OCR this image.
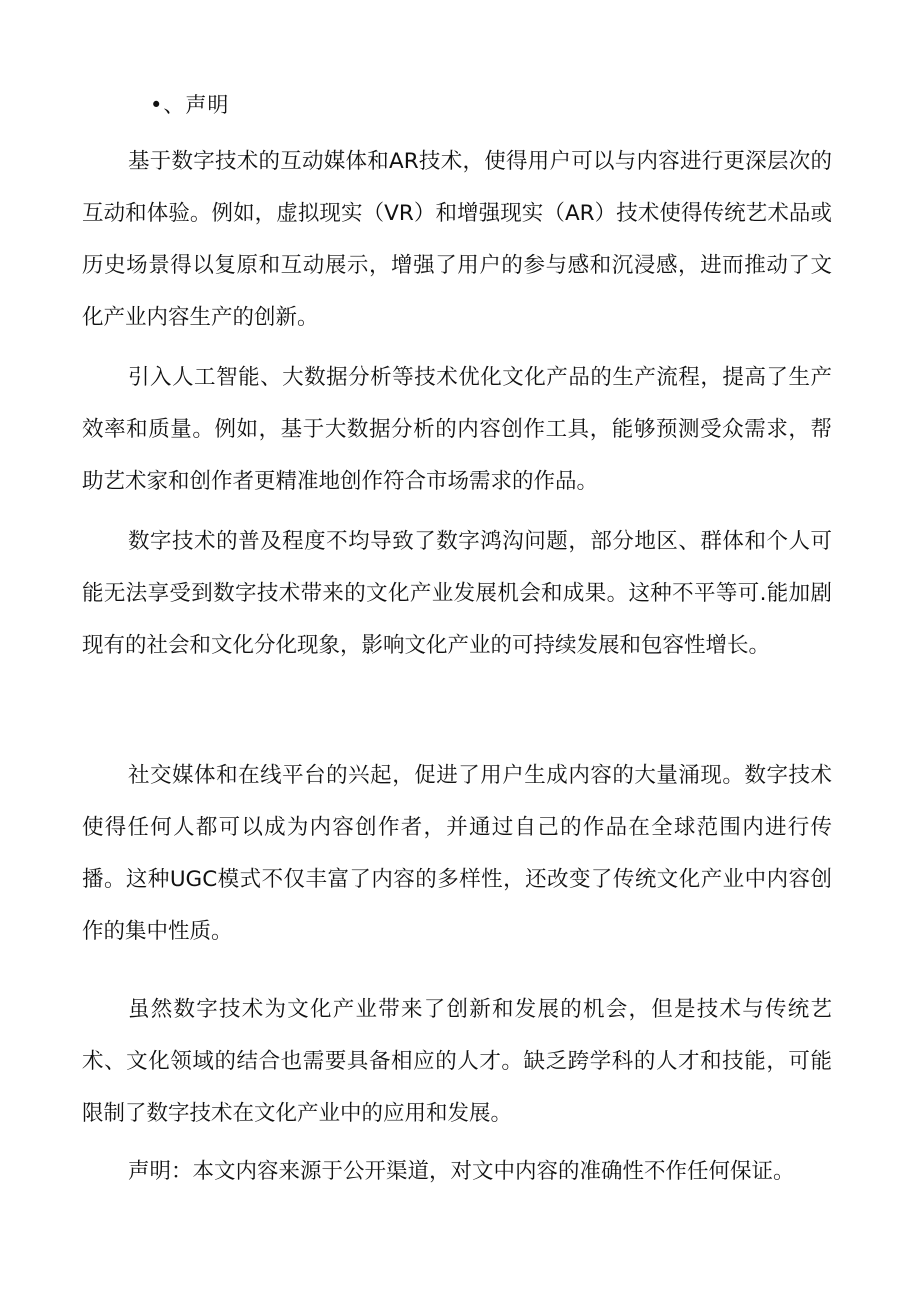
•、声明

基于数字技术的互动媒体和AR技术，使得用户可以与内容进行更深层次的互动和体验。例如，虚拟现实（VR）和增强现实（AR）技术使得传统艺术品或历史场景得以复原和互动展示，增强了用户的参与感和沉浸感，进而推动了文化产业内容生产的创新。

引入人工智能、大数据分析等技术优化文化产品的生产流程，提高了生产效率和质量。例如，基于大数据分析的内容创作工具，能够预测受众需求，帮助艺术家和创作者更精准地创作符合市场需求的作品。

数字技术的普及程度不均导致了数字鸿沟问题，部分地区、群体和个人可能无法享受到数字技术带来的文化产业发展机会和成果。这种不平等可.能加剧现有的社会和文化分化现象，影响文化产业的可持续发展和包容性增长。

社交媒体和在线平台的兴起，促进了用户生成内容的大量涌现。数字技术使得任何人都可以成为内容创作者，并通过自己的作品在全球范围内进行传播。这种UGC模式不仅丰富了内容的多样性，还改变了传统文化产业中内容创作的集中性质。

虽然数字技术为文化产业带来了创新和发展的机会，但是技术与传统艺术、文化领域的结合也需要具备相应的人才。缺乏跨学科的人才和技能，可能限制了数字技术在文化产业中的应用和发展。

声明：本文内容来源于公开渠道，对文中内容的准确性不作任何保证。
